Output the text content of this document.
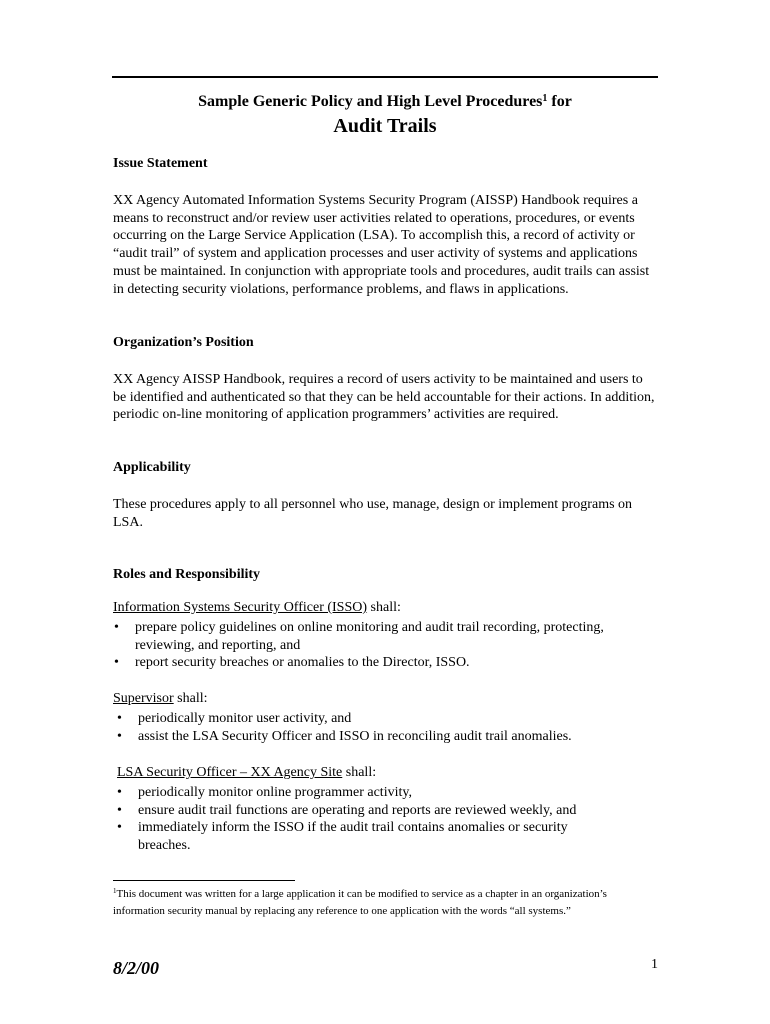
Sample Generic Policy and High Level Procedures$^1$ for
Audit Trails
Issue Statement

XX Agency Automated Information Systems Security Program (AISSP) Handbook requires a means to reconstruct and/or review user activities related to operations, procedures, or events occurring on the Large Service Application (LSA). To accomplish this, a record of activity or “audit trail” of system and application processes and user activity of systems and applications must be maintained. In conjunction with appropriate tools and procedures, audit trails can assist in detecting security violations, performance problems, and flaws in applications.

Organization’s Position

XX Agency AISSP Handbook, requires a record of users activity to be maintained and users to be identified and authenticated so that they can be held accountable for their actions. In addition, periodic on-line monitoring of application programmers’ activities are required.

Applicability

These procedures apply to all personnel who use, manage, design or implement programs on LSA.

Roles and Responsibility
Information Systems Security Officer (ISSO) shall:
• prepare policy guidelines on online monitoring and audit trail recording, protecting, reviewing, and reporting, and
• report security breaches or anomalies to the Director, ISSO.
Supervisor shall:
• periodically monitor user activity, and
• assist the LSA Security Officer and ISSO in reconciling audit trail anomalies.
LSA Security Officer – XX Agency Site shall:
• periodically monitor online programmer activity,
• ensure audit trail functions are operating and reports are reviewed weekly, and
• immediately inform the ISSO if the audit trail contains anomalies or security breaches.

$^1$This document was written for a large application it can be modified to service as a chapter in an organization’s information security manual by replacing any reference to one application with the words “all systems.”

8/2/00	1
